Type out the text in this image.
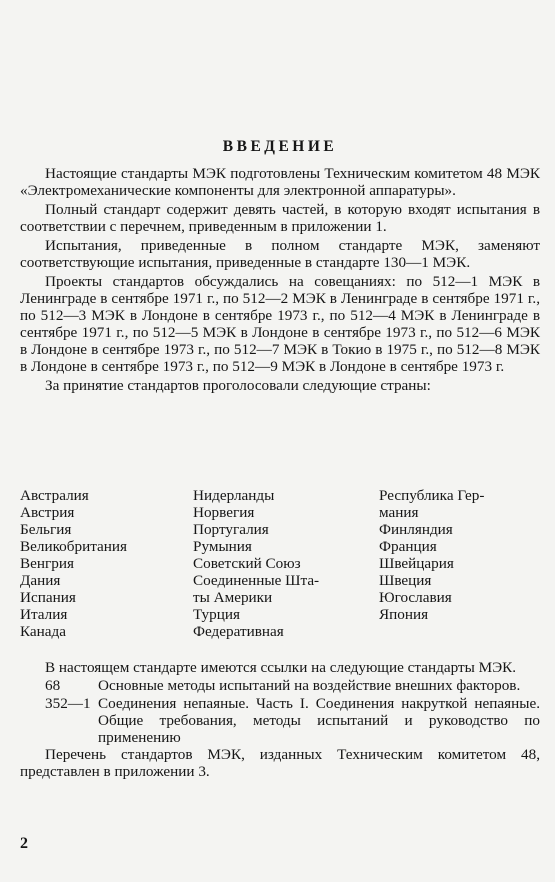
ВВЕДЕНИЕ

Настоящие стандарты МЭК подготовлены Техническим комитетом 48 МЭК «Электромеханические компоненты для электронной аппаратуры».

Полный стандарт содержит девять частей, в которую входят испытания в соответствии с перечнем, приведенным в приложении 1.

Испытания, приведенные в полном стандарте МЭК, заменяют соответствующие испытания, приведенные в стандарте 130—1 МЭК.

Проекты стандартов обсуждались на совещаниях: по 512—1 МЭК в Ленинграде в сентябре 1971 г., по 512—2 МЭК в Ленинграде в сентябре 1971 г., по 512—3 МЭК в Лондоне в сентябре 1973 г., по 512—4 МЭК в Ленинграде в сентябре 1971 г., по 512—5 МЭК в Лондоне в сентябре 1973 г., по 512—6 МЭК в Лондоне в сентябре 1973 г., по 512—7 МЭК в Токио в 1975 г., по 512—8 МЭК в Лондоне в сентябре 1973 г., по 512—9 МЭК в Лондоне в сентябре 1973 г.

За принятие стандартов проголосовали следующие страны:

Австралия
Австрия
Бельгия
Великобритания
Венгрия
Дания
Испания
Италия
Канада
Нидерланды
Норвегия
Португалия
Румыния
Советский Союз
Соединенные Шта-
ты Америки
Турция
Федеративная
Республика Гер-
мания
Финляндия
Франция
Швейцария
Швеция
Югославия
Япония

В настоящем стандарте имеются ссылки на следующие стандарты МЭК.

68	Основные методы испытаний на воздействие внешних факторов.
352—1 Соединения непаяные. Часть I. Соединения накруткой непаяные. Общие требования, методы испытаний и руководство по применению

Перечень стандартов МЭК, изданных Техническим комитетом 48, представлен в приложении 3.

2
